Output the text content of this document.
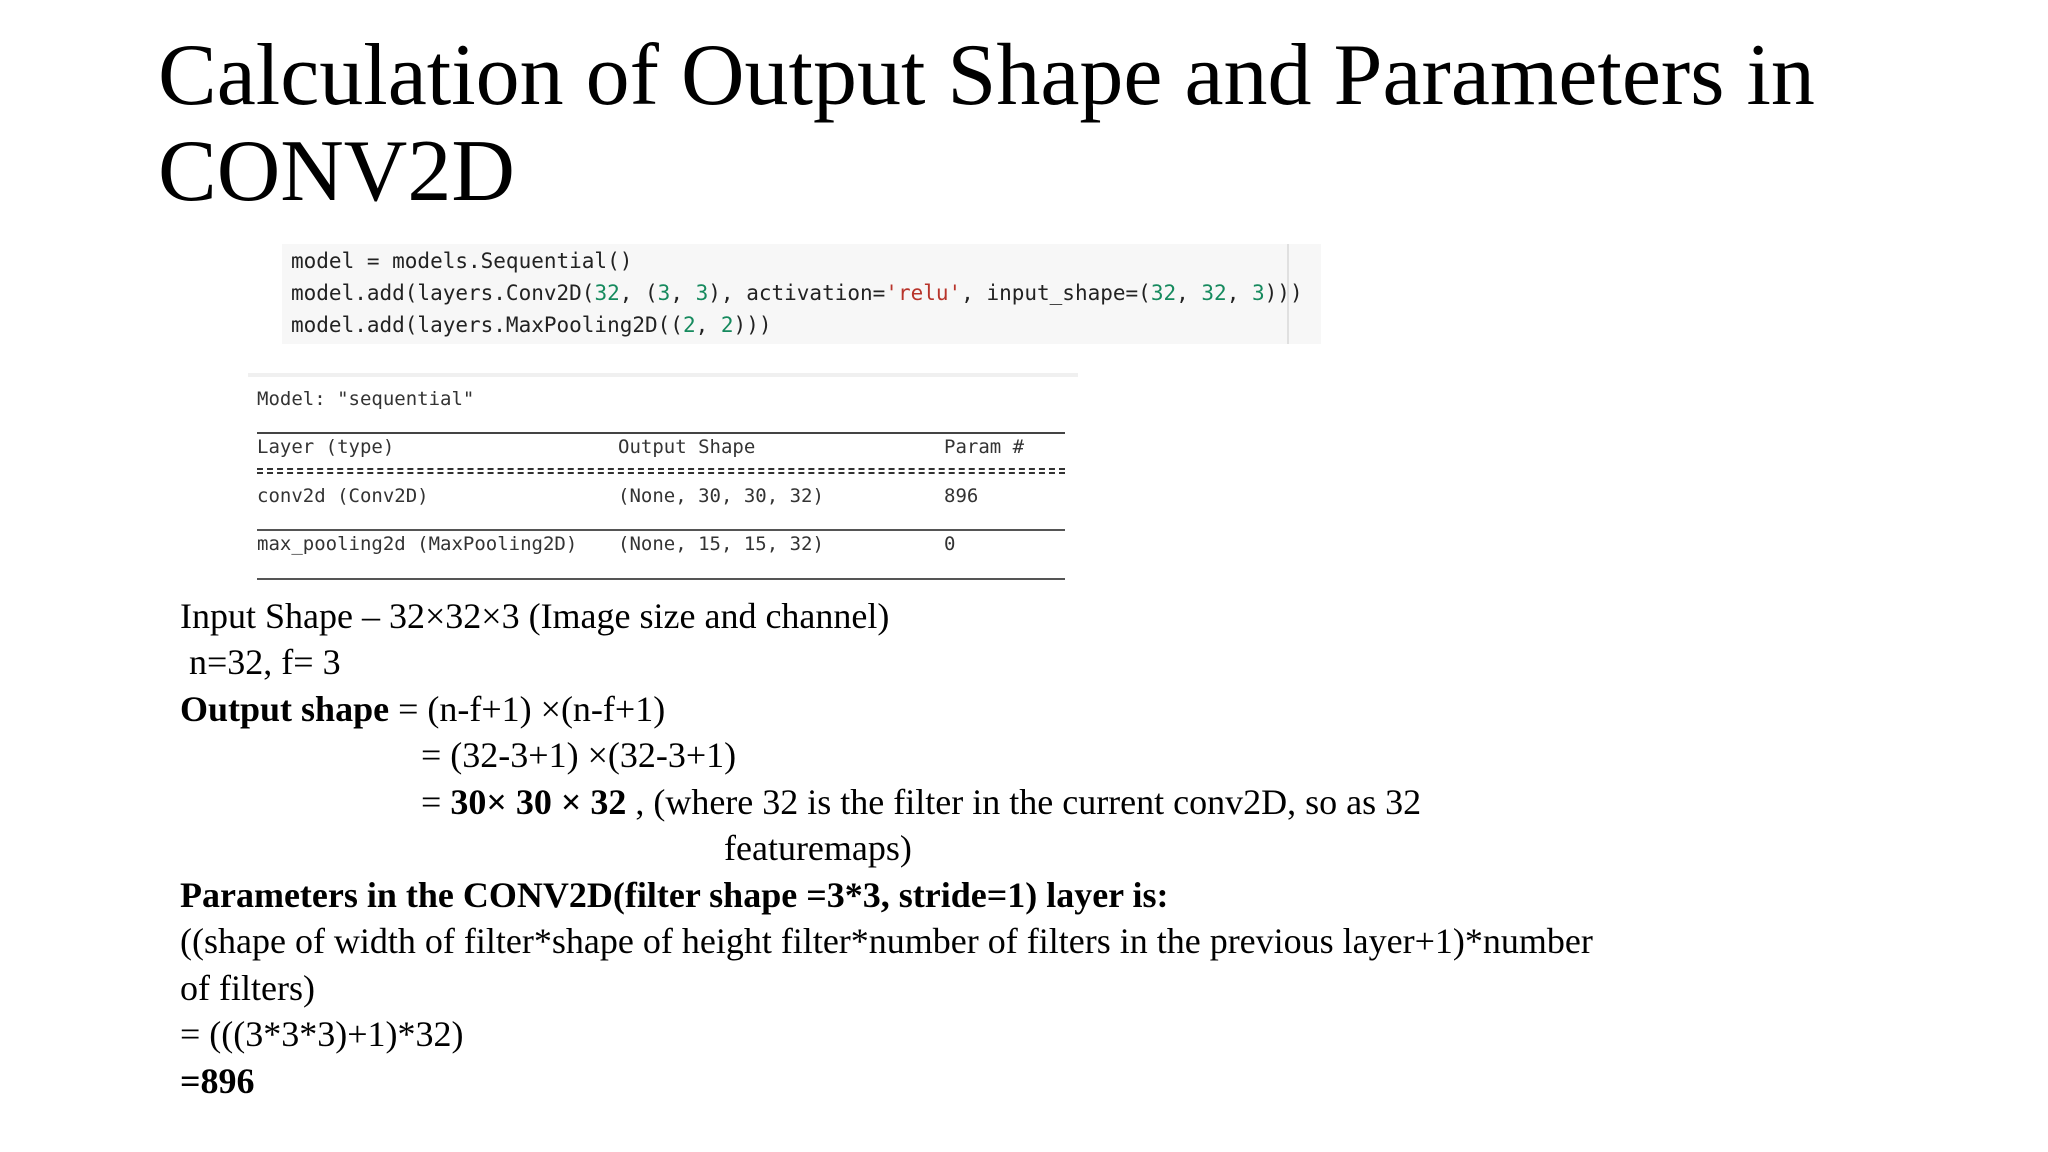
Calculation of Output Shape and Parameters in
CONV2D
model = models.Sequential()
model.add(layers.Conv2D(32, (3, 3), activation='relu', input_shape=(32, 32, 3)))
model.add(layers.MaxPooling2D((2, 2)))
Model: "sequential"
Layer (type)	Output Shape	Param #
conv2d (Conv2D)	(None, 30, 30, 32)	896
max_pooling2d (MaxPooling2D) (None, 15, 15, 32)	0
Input Shape – 32×32×3 (Image size and channel)
n=32, f= 3
Output shape = (n-f+1) ×(n-f+1)
= (32-3+1) ×(32-3+1)
= 30× 30 × 32 , (where 32 is the filter in the current conv2D, so as 32
featuremaps)
Parameters in the CONV2D(filter shape =3*3, stride=1) layer is:
((shape of width of filter*shape of height filter*number of filters in the previous layer+1)*number
of filters)
= (((3*3*3)+1)*32)
=896
